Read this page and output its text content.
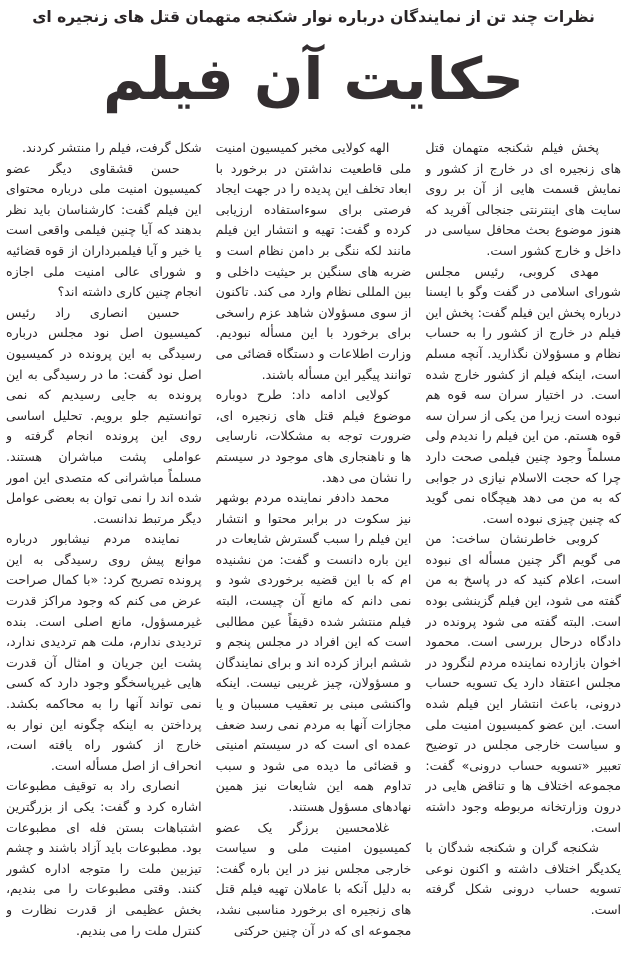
نظرات چند تن از نمایندگان درباره نوار شکنجه متهمان قتل های زنجیره ای
حکایت آن فیلم

پخش فیلم شکنجه متهمان قتل های زنجیره ای در خارج از کشور و نمایش قسمت هایی از آن بر روی سایت های اینترنتی جنجالی آفرید که هنوز موضوع بحث محافل سیاسی در داخل و خارج کشور است.

مهدی کروبی، رئیس مجلس شورای اسلامی در گفت وگو با ایسنا درباره پخش این فیلم گفت: پخش این فیلم در خارج از کشور را به حساب نظام و مسؤولان نگذارید. آنچه مسلم است، اینکه فیلم از کشور خارج شده است. در اختیار سران سه قوه هم نبوده است زیرا من یکی از سران سه قوه هستم. من این فیلم را ندیدم ولی مسلماً وجود چنین فیلمی صحت دارد چرا که حجت الاسلام نیازی در جوابی که به من می دهد هیچگاه نمی گوید که چنین چیزی نبوده است.

کروبی خاطرنشان ساخت: من می گویم اگر چنین مسأله ای نبوده است، اعلام کنید که در پاسخ به من گفته می شود، این فیلم گزینشی بوده است. البته گفته می شود پرونده در دادگاه درحال بررسی است. محمود اخوان بازارده نماینده مردم لنگرود در مجلس اعتقاد دارد یک تسویه حساب درونی، باعث انتشار این فیلم شده است. این عضو کمیسیون امنیت ملی و سیاست خارجی مجلس در توضیح تعبیر «تسویه حساب درونی» گفت: مجموعه اختلاف ها و تناقض هایی در درون وزارتخانه مربوطه وجود داشته است.

شکنجه گران و شکنجه شدگان با یکدیگر اختلاف داشته و اکنون نوعی تسویه حساب درونی شکل گرفته است.

الهه کولایی مخبر کمیسیون امنیت ملی قاطعیت نداشتن در برخورد با ابعاد تخلف این پدیده را در جهت ایجاد فرصتی برای سوءاستفاده ارزیابی کرده و گفت: تهیه و انتشار این فیلم مانند لکه ننگی بر دامن نظام است و ضربه های سنگین بر حیثیت داخلی و بین المللی نظام وارد می کند. تاکنون از سوی مسؤولان شاهد عزم راسخی برای برخورد با این مسأله نبودیم. وزارت اطلاعات و دستگاه قضائی می توانند پیگیر این مسأله باشند.

کولایی ادامه داد: طرح دوباره موضوع فیلم قتل های زنجیره ای، ضرورت توجه به مشکلات، نارسایی ها و ناهنجاری های موجود در سیستم را نشان می دهد.

محمد دادفر نماینده مردم بوشهر نیز سکوت در برابر محتوا و انتشار این فیلم را سبب گسترش شایعات در این باره دانست و گفت: من نشنیده ام که با این قضیه برخوردی شود و نمی دانم که مانع آن چیست، البته فیلم منتشر شده دقیقاً عین مطالبی است که این افراد در مجلس پنجم و ششم ابراز کرده اند و برای نمایندگان و مسؤولان، چیز غریبی نیست. اینکه واکنشی مبنی بر تعقیب مسببان و یا مجازات آنها به مردم نمی رسد ضعف عمده ای است که در سیستم امنیتی و قضائی ما دیده می شود و سبب تداوم همه این شایعات نیز همین نهادهای مسؤول هستند.

غلامحسین برزگر یک عضو کمیسیون امنیت ملی و سیاست خارجی مجلس نیز در این باره گفت: به دلیل آنکه با عاملان تهیه فیلم قتل های زنجیره ای برخورد مناسبی نشد، مجموعه ای که در آن چنین حرکتی

شکل گرفت، فیلم را منتشر کردند.

حسن قشقاوی دیگر عضو کمیسیون امنیت ملی درباره محتوای این فیلم گفت: کارشناسان باید نظر بدهند که آیا چنین فیلمی واقعی است یا خیر و آیا فیلمبرداران از قوه قضائیه و شورای عالی امنیت ملی اجازه انجام چنین کاری داشته اند؟

حسین انصاری راد رئیس کمیسیون اصل نود مجلس درباره رسیدگی به این پرونده در کمیسیون اصل نود گفت: ما در رسیدگی به این پرونده به جایی رسیدیم که نمی توانستیم جلو برویم. تحلیل اساسی روی این پرونده انجام گرفته و عواملی پشت مباشران هستند. مسلماً مباشرانی که متصدی این امور شده اند را نمی توان به بعضی عوامل دیگر مرتبط ندانست.

نماینده مردم نیشابور درباره موانع پیش روی رسیدگی به این پرونده تصریح کرد: «با کمال صراحت عرض می کنم که وجود مراکز قدرت غیرمسؤول، مانع اصلی است. بنده تردیدی ندارم، ملت هم تردیدی ندارد، پشت این جریان و امثال آن قدرت هایی غیرپاسخگو وجود دارد که کسی نمی تواند آنها را به محاکمه بکشد. پرداختن به اینکه چگونه این نوار به خارج از کشور راه یافته است، انحراف از اصل مسأله است.

انصاری راد به توقیف مطبوعات اشاره کرد و گفت: یکی از بزرگترین اشتباهات بستن فله ای مطبوعات بود. مطبوعات باید آزاد باشند و چشم تیزبین ملت را متوجه اداره کشور کنند. وقتی مطبوعات را می بندیم، بخش عظیمی از قدرت نظارت و کنترل ملت را می بندیم.
